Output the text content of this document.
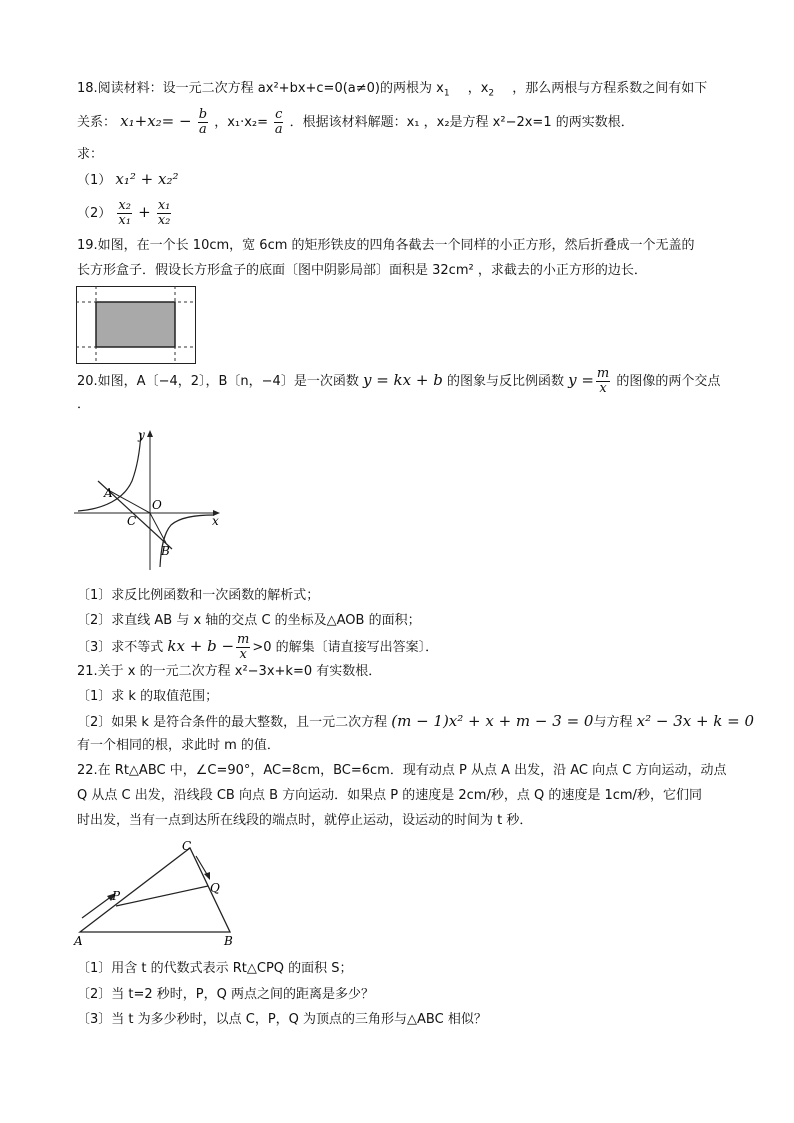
18.阅读材料：设一元二次方程 ax²+bx+c=0(a≠0)的两根为 $x_1$ ，$x_2$ ，那么两根与方程系数之间有如下
关系： $x_1+x_2= - \frac{b}{a}$ ，$x_1\cdot x_2= \frac{c}{a}$ ．根据该材料解题：x₁ ，x₂是方程 x²−2x=1 的两实数根．
求：
（1） x₁² + x₂²
$(2) \frac{\text{x₂}}{\text{x₁}} + \frac{\text{x₁}}{\text{x₂}}$
19.如图，在一个长 10cm，宽 6cm 的矩形铁皮的四角各截去一个同样的小正方形，然后折叠成一个无盖的
长方形盒子．假设长方形盒子的底面〔图中阴影局部〕面积是 32cm² ，求截去的小正方形的边长．
20.如图，A〔−4，2〕，B〔n，−4〕是一次函数 y = kx + b 的图象与反比例函数 $y = \frac{m}{x}$ 的图像的两个交点
．
y
x
A
O
C
B
〔1〕求反比例函数和一次函数的解析式；
〔2〕求直线 AB 与 x 轴的交点 C 的坐标及△AOB 的面积；
〔3〕求不等式 kx + $b - \frac{m}{x} >0$ 的解集〔请直接写出答案〕．
21.关于 x 的一元二次方程 x²−3x+k=0 有实数根．
〔1〕求 k 的取值范围；
〔2〕如果 k 是符合条件的最大整数，且一元二次方程 (m − 1)x² + x + m − 3 = 0与方程 x² − 3x + k = 0
有一个相同的根，求此时 m 的值．
22.在 Rt△ABC 中，∠C=90°，AC=8cm，BC=6cm．现有动点 P 从点 A 出发，沿 AC 向点 C 方向运动，动点
Q 从点 C 出发，沿线段 CB 向点 B 方向运动．如果点 P 的速度是 2cm/秒，点 Q 的速度是 1cm/秒，它们同
时出发，当有一点到达所在线段的端点时，就停止运动，设运动的时间为 t 秒．
C
P
Q
A	B
〔1〕用含 t 的代数式表示 Rt△CPQ 的面积 S；
〔2〕当 t=2 秒时，P，Q 两点之间的距离是多少？
〔3〕当 t 为多少秒时，以点 C，P，Q 为顶点的三角形与△ABC 相似？
